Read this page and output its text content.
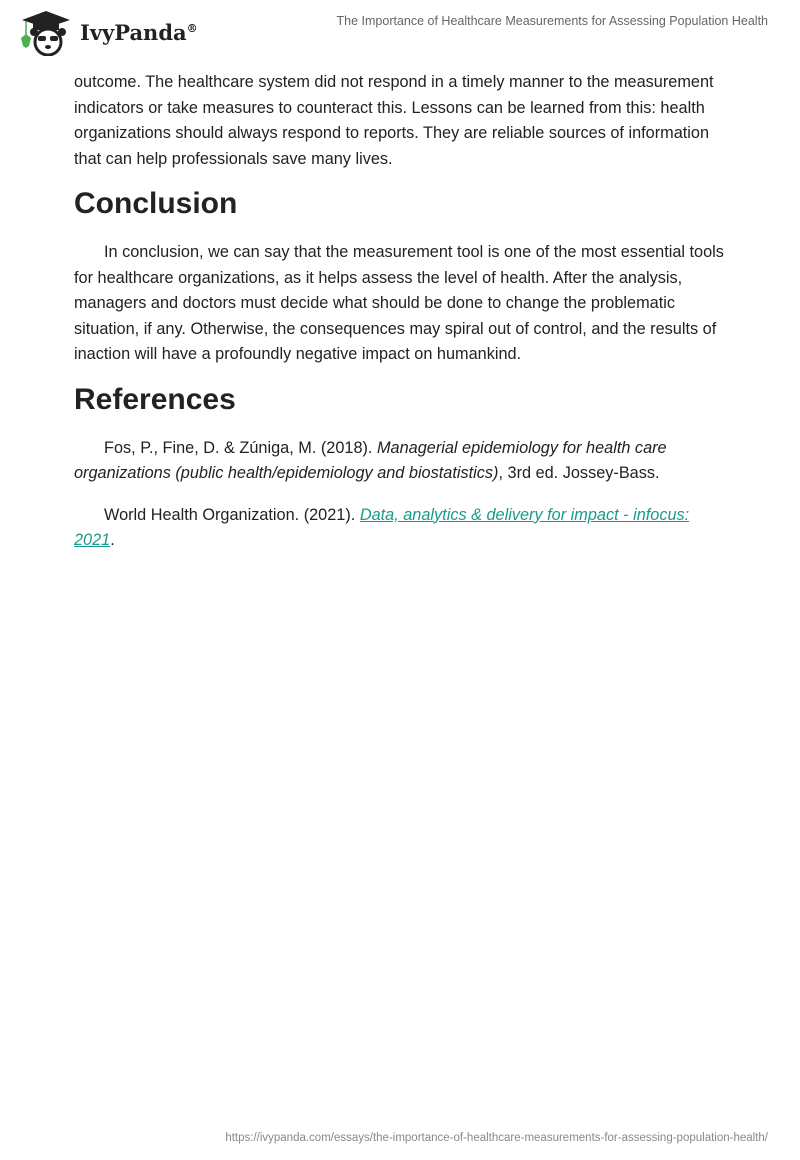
IvyPanda®	The Importance of Healthcare Measurements for Assessing Population Health

outcome. The healthcare system did not respond in a timely manner to the measurement indicators or take measures to counteract this. Lessons can be learned from this: health organizations should always respond to reports. They are reliable sources of information that can help professionals save many lives.

Conclusion

In conclusion, we can say that the measurement tool is one of the most essential tools for healthcare organizations, as it helps assess the level of health. After the analysis, managers and doctors must decide what should be done to change the problematic situation, if any. Otherwise, the consequences may spiral out of control, and the results of inaction will have a profoundly negative impact on humankind.

References

Fos, P., Fine, D. & Zúniga, M. (2018). Managerial epidemiology for health care organizations (public health/epidemiology and biostatistics), 3rd ed. Jossey-Bass.

World Health Organization. (2021). Data, analytics & delivery for impact - infocus: 2021.

https://ivypanda.com/essays/the-importance-of-healthcare-measurements-for-assessing-population-health/
